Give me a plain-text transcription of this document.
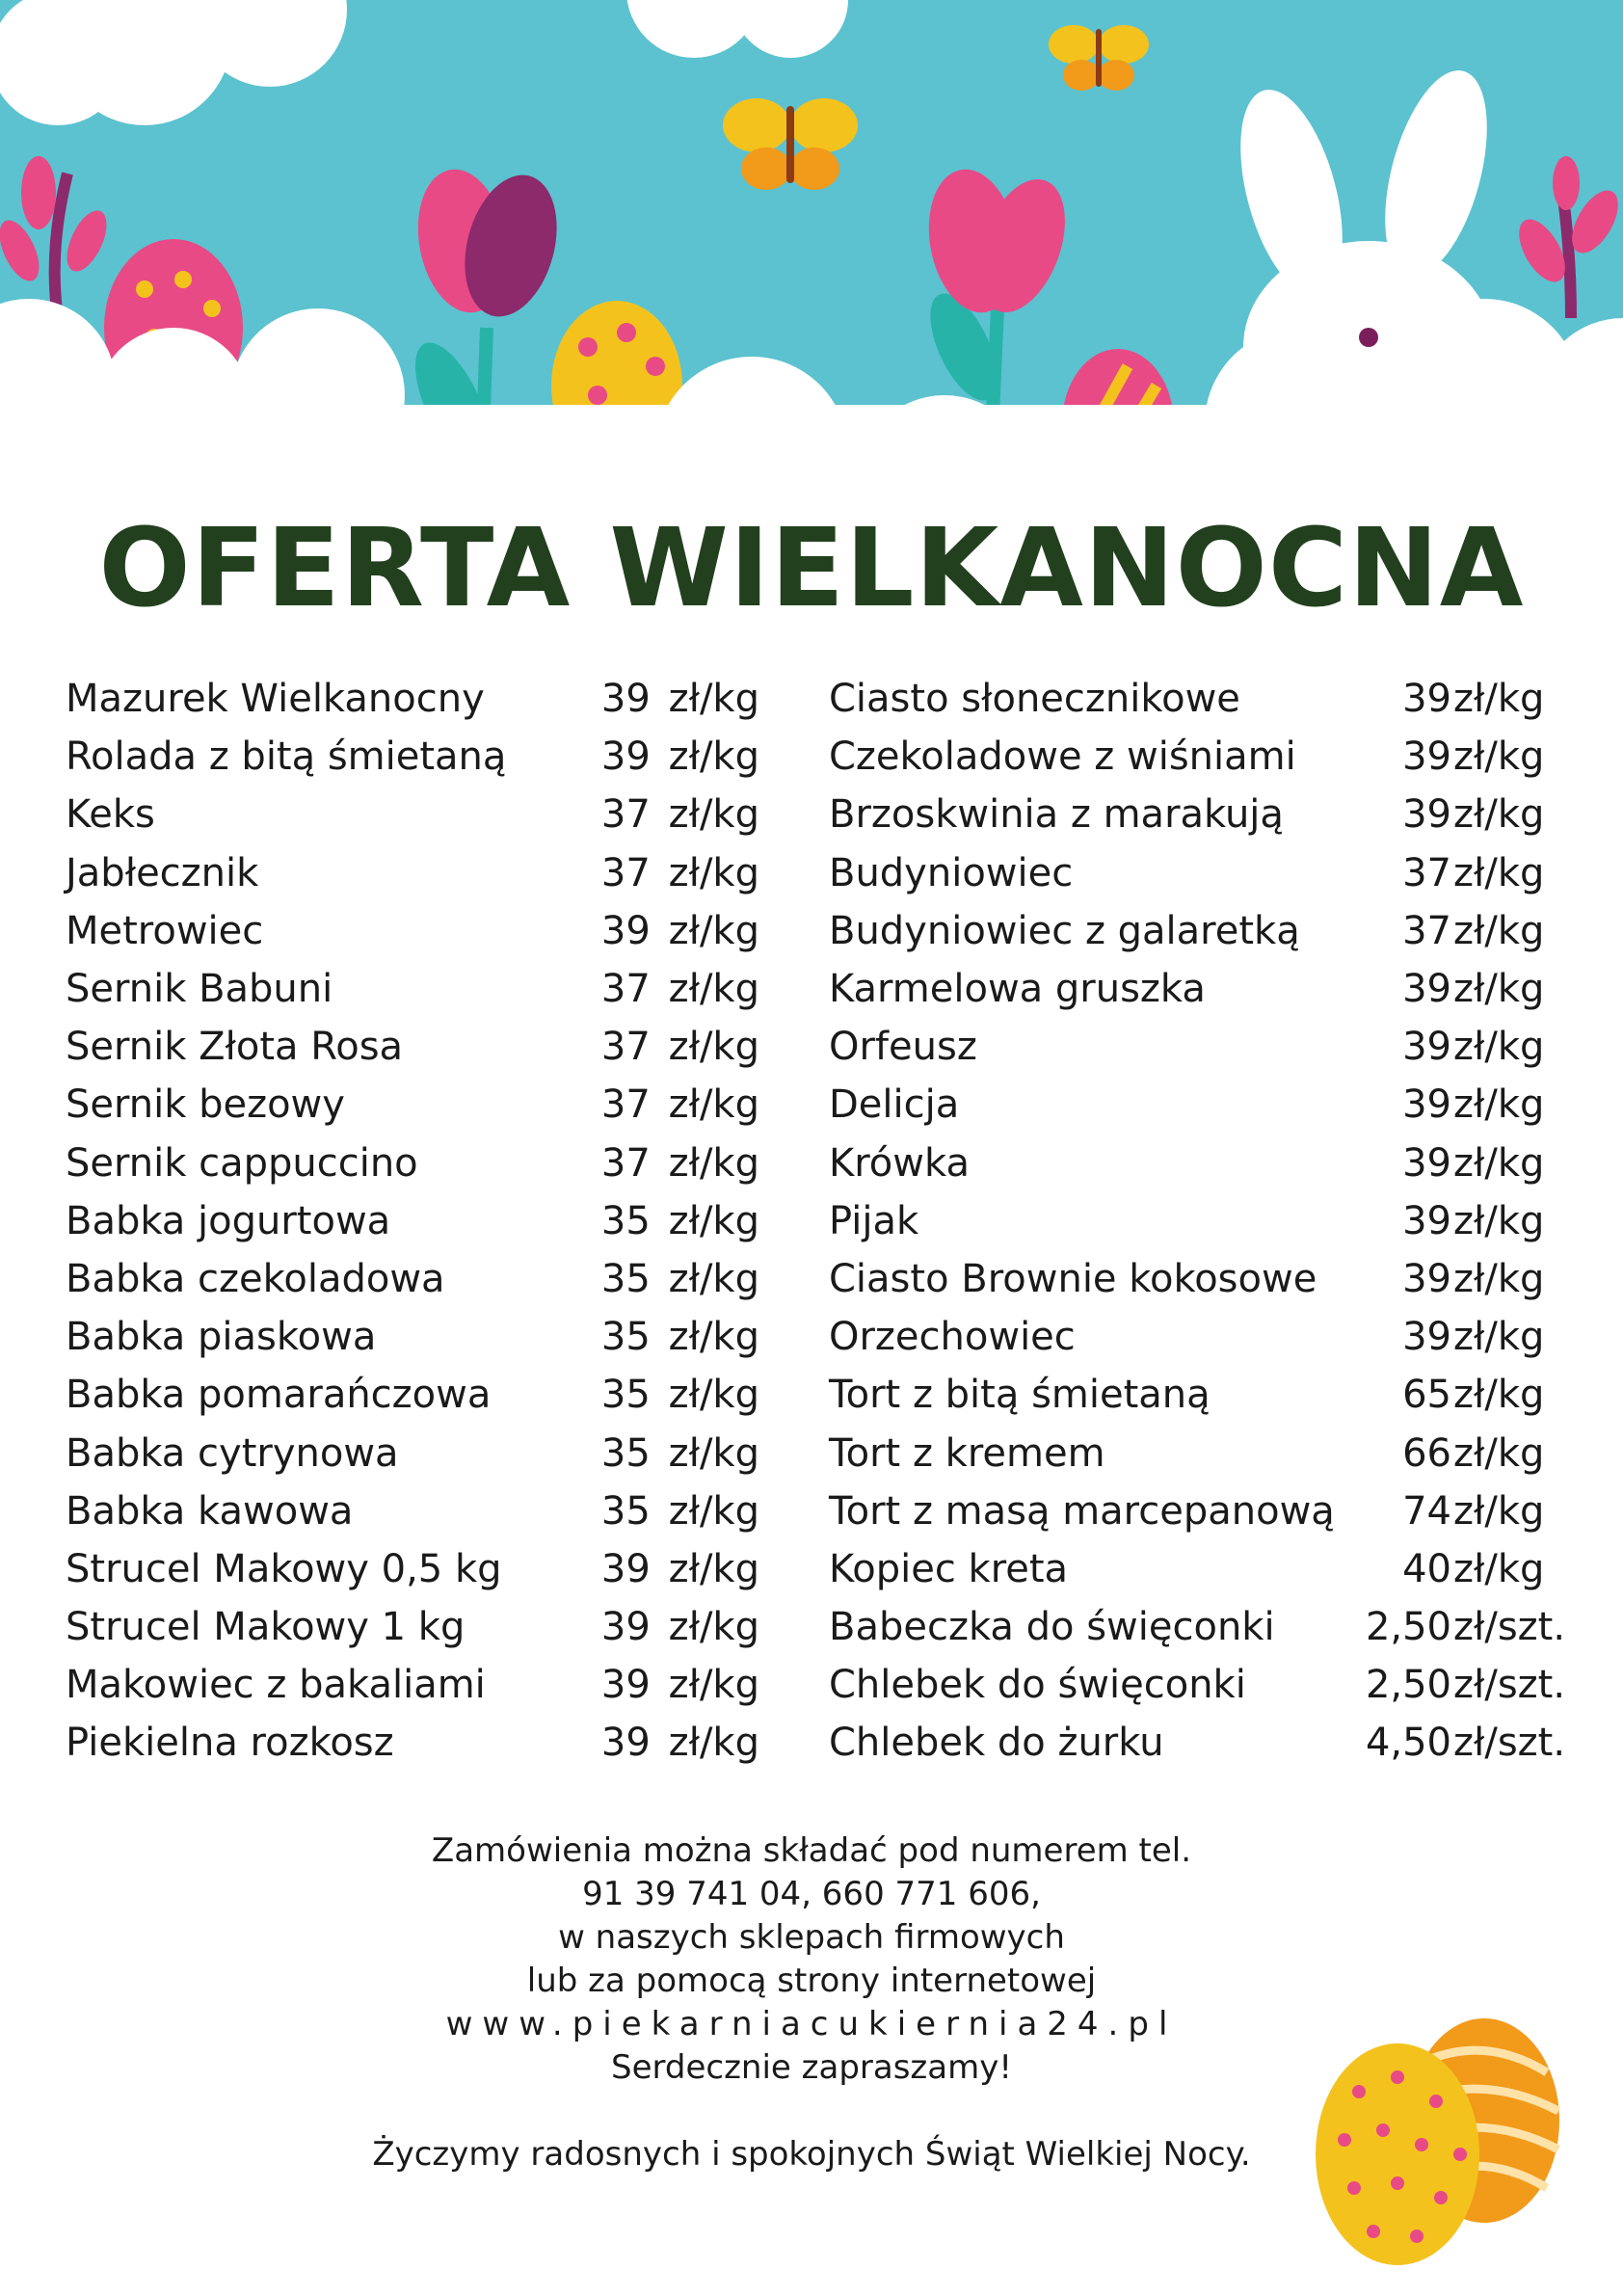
OFERTA WIELKANOCNA
Mazurek Wielkanocny	39 zł/kg
Rolada z bitą śmietaną	39 zł/kg
Keks	37 zł/kg
Jabłecznik	37 zł/kg
Metrowiec	39 zł/kg
Sernik Babuni	37 zł/kg
Sernik Złota Rosa	37 zł/kg
Sernik bezowy	37 zł/kg
Sernik cappuccino	37 zł/kg
Babka jogurtowa	35 zł/kg
Babka czekoladowa	35 zł/kg
Babka piaskowa	35 zł/kg
Babka pomarańczowa	35 zł/kg
Babka cytrynowa	35 zł/kg
Babka kawowa	35 zł/kg
Strucel Makowy 0,5 kg	39 zł/kg
Strucel Makowy 1 kg	39 zł/kg
Makowiec z bakaliami	39 zł/kg
Piekielna rozkosz	39 zł/kg
Ciasto słonecznikowe	39 zł/kg
Czekoladowe z wiśniami	39 zł/kg
Brzoskwinia z marakują	39 zł/kg
Budyniowiec	37 zł/kg
Budyniowiec z galaretką	37 zł/kg
Karmelowa gruszka	39 zł/kg
Orfeusz	39 zł/kg
Delicja	39 zł/kg
Krówka	39 zł/kg
Pijak	39 zł/kg
Ciasto Brownie kokosowe	39 zł/kg
Orzechowiec	39 zł/kg
Tort z bitą śmietaną	65 zł/kg
Tort z kremem	66 zł/kg
Tort z masą marcepanową	74 zł/kg
Kopiec kreta	40 zł/kg
Babeczka do święconki	2,50 zł/szt.
Chlebek do święconki	2,50 zł/szt.
Chlebek do żurku	4,50 zł/szt.

Zamówienia można składać pod numerem tel.

91 39 741 04, 660 771 606,

w naszych sklepach firmowych

lub za pomocą strony internetowej

www.piekarniacukiernia24.pl

Serdecznie zapraszamy!

Życzymy radosnych i spokojnych Świąt Wielkiej Nocy.
